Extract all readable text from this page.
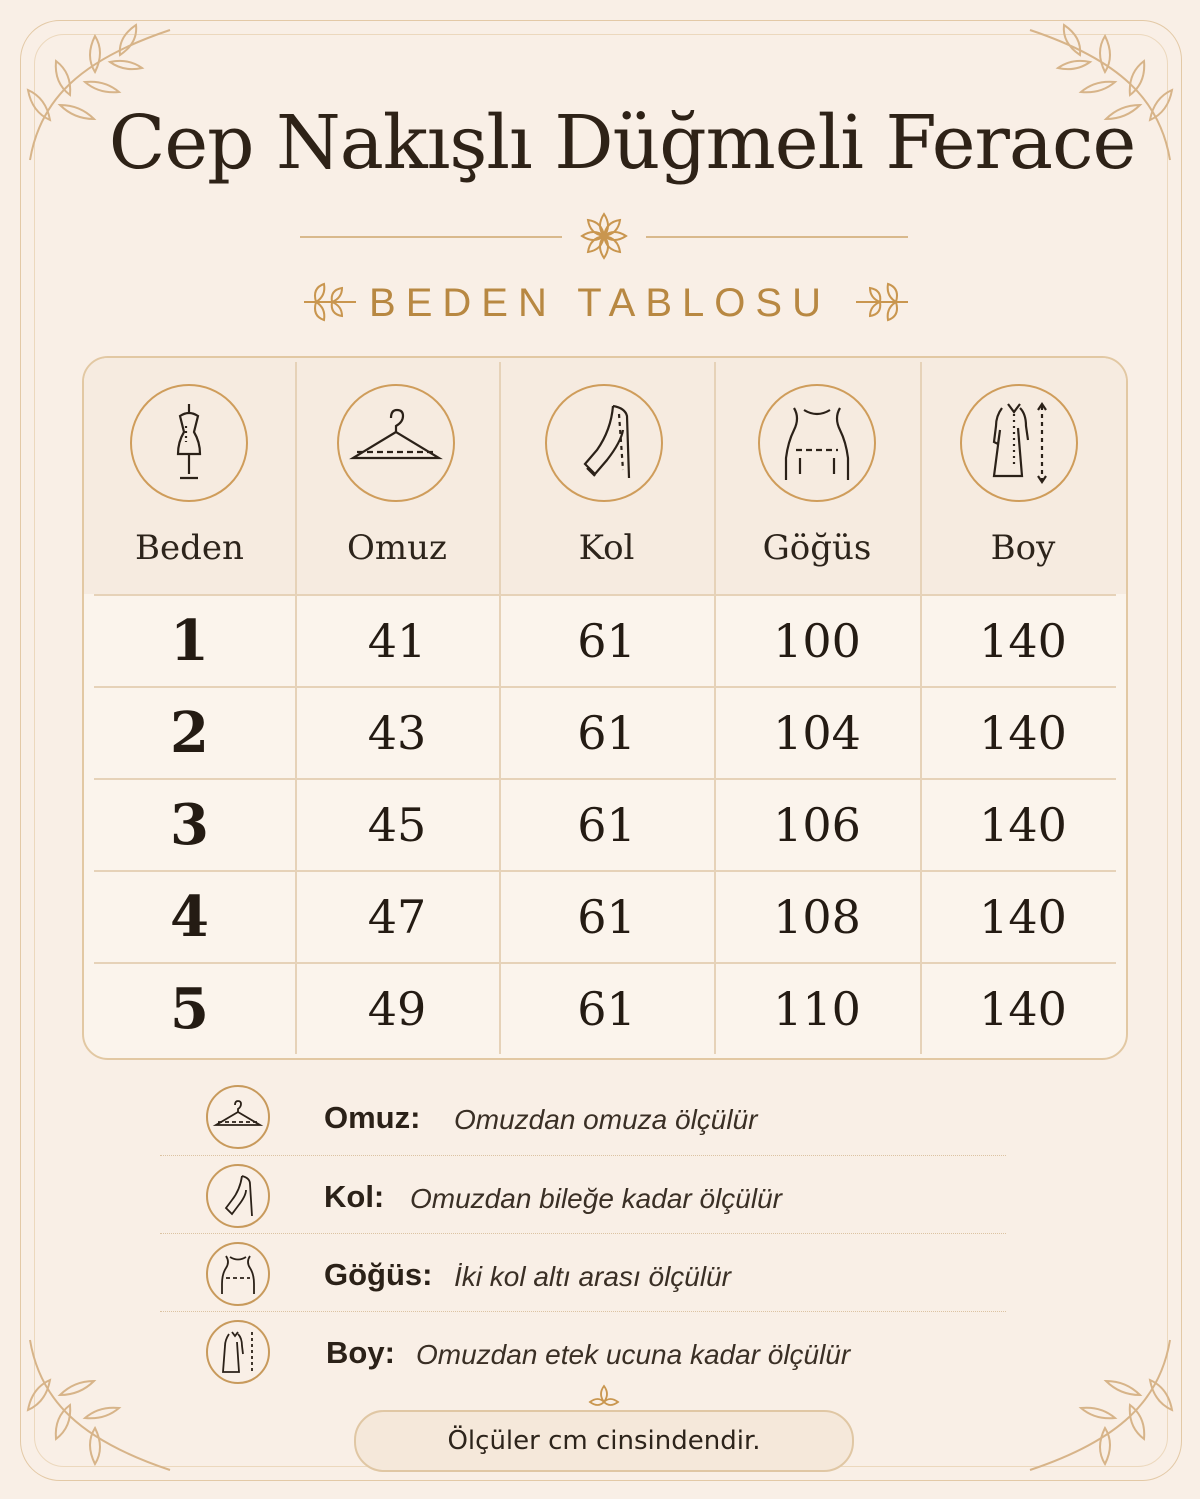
Cep Nakışlı Düğmeli Ferace
BEDEN TABLOSU
Beden	Omuz	Kol	Göğüs	Boy
1	41	61	100	140
2	43	61	104	140
3	45	61	106	140
4	47	61	108	140
5	49	61	110	140
Omuz: Omuzdan omuza ölçülür
Kol: Omuzdan bileğe kadar ölçülür
Göğüs: İki kol altı arası ölçülür
Boy: Omuzdan etek ucuna kadar ölçülür
Ölçüler cm cinsindendir.
